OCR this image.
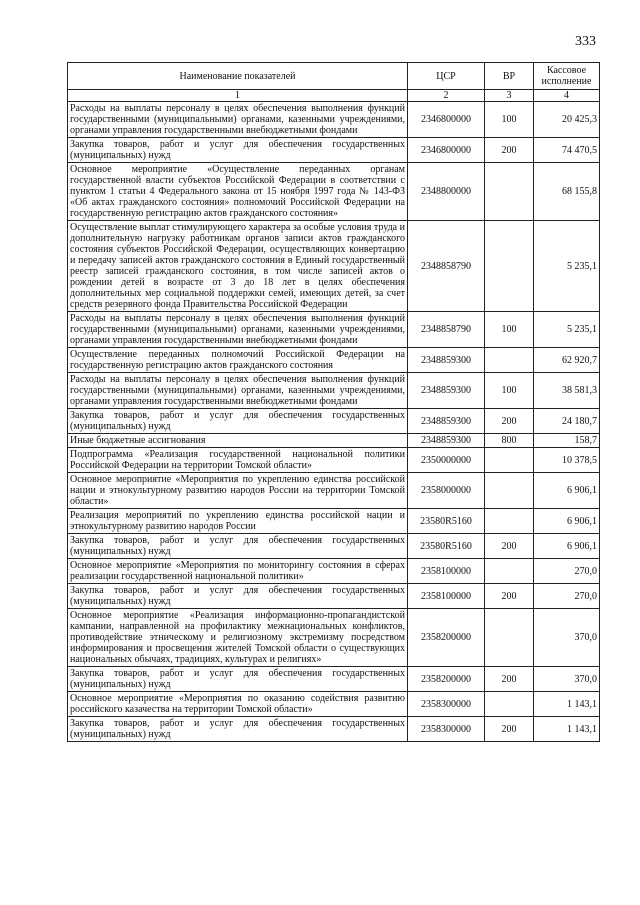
333
Наименование показателей	ЦСР	ВР	Кассовое исполнение
1	2	3	4
Расходы на выплаты персоналу в целях обеспечения выполнения функций государственными (муниципальными) органами, казенными учреждениями, органами управления государственными внебюджетными фондами	2346800000	100	20 425,3
Закупка товаров, работ и услуг для обеспечения государственных (муниципальных) нужд	2346800000	200	74 470,5
Основное мероприятие «Осуществление переданных органам государственной власти субъектов Российской Федерации в соответствии с пунктом 1 статьи 4 Федерального закона от 15 ноября 1997 года № 143-ФЗ «Об актах гражданского состояния» полномочий Российской Федерации на государственную регистрацию актов гражданского состояния»	2348800000		68 155,8
Осуществление выплат стимулирующего характера за особые условия труда и дополнительную нагрузку работникам органов записи актов гражданского состояния субъектов Российской Федерации, осуществляющих конвертацию и передачу записей актов гражданского состояния в Единый государственный реестр записей гражданского состояния, в том числе записей актов о рождении детей в возрасте от 3 до 18 лет в целях обеспечения дополнительных мер социальной поддержки семей, имеющих детей, за счет средств резервного фонда Правительства Российской Федерации	2348858790		5 235,1
Расходы на выплаты персоналу в целях обеспечения выполнения функций государственными (муниципальными) органами, казенными учреждениями, органами управления государственными внебюджетными фондами	2348858790	100	5 235,1
Осуществление переданных полномочий Российской Федерации на государственную регистрацию актов гражданского состояния	2348859300		62 920,7
Расходы на выплаты персоналу в целях обеспечения выполнения функций государственными (муниципальными) органами, казенными учреждениями, органами управления государственными внебюджетными фондами	2348859300	100	38 581,3
Закупка товаров, работ и услуг для обеспечения государственных (муниципальных) нужд	2348859300	200	24 180,7
Иные бюджетные ассигнования	2348859300	800	158,7
Подпрограмма «Реализация государственной национальной политики Российской Федерации на территории Томской области»	2350000000		10 378,5
Основное мероприятие «Мероприятия по укреплению единства российской нации и этнокультурному развитию народов России на территории Томской области»	2358000000		6 906,1
Реализация мероприятий по укреплению единства российской нации и этнокультурному развитию народов России	23580R5160		6 906,1
Закупка товаров, работ и услуг для обеспечения государственных (муниципальных) нужд	23580R5160	200	6 906,1
Основное мероприятие «Мероприятия по мониторингу состояния в сферах реализации государственной национальной политики»	2358100000		270,0
Закупка товаров, работ и услуг для обеспечения государственных (муниципальных) нужд	2358100000	200	270,0
Основное мероприятие «Реализация информационно-пропагандистской кампании, направленной на профилактику межнациональных конфликтов, противодействие этническому и религиозному экстремизму посредством информирования и просвещения жителей Томской области о существующих национальных обычаях, традициях, культурах и религиях»	2358200000		370,0
Закупка товаров, работ и услуг для обеспечения государственных (муниципальных) нужд	2358200000	200	370,0
Основное мероприятие «Мероприятия по оказанию содействия развитию российского казачества на территории Томской области»	2358300000		1 143,1
Закупка товаров, работ и услуг для обеспечения государственных (муниципальных) нужд	2358300000	200	1 143,1
